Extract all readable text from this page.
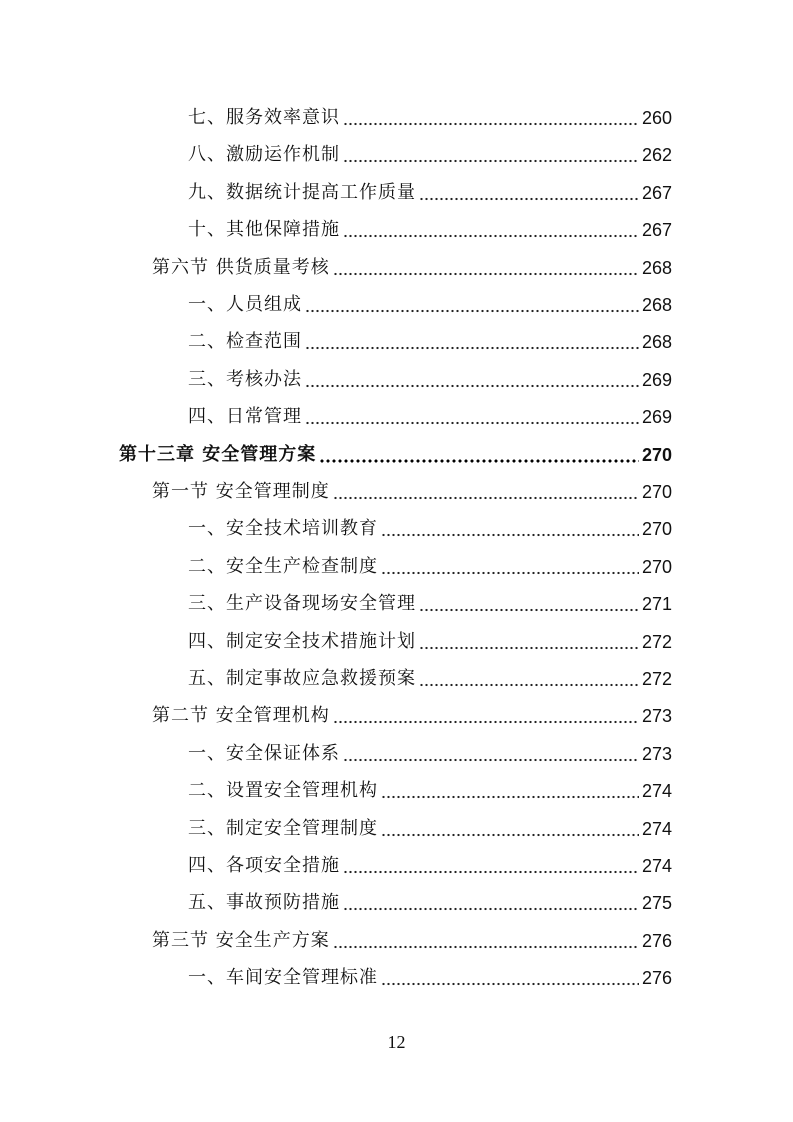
七、服务效率意识	260
八、激励运作机制	262
九、数据统计提高工作质量	267
十、其他保障措施	267
第六节 供货质量考核	268
一、人员组成	268
二、检查范围	268
三、考核办法	269
四、日常管理	269
第十三章 安全管理方案	270
第一节 安全管理制度	270
一、安全技术培训教育	270
二、安全生产检查制度	270
三、生产设备现场安全管理	271
四、制定安全技术措施计划	272
五、制定事故应急救援预案	272
第二节 安全管理机构	273
一、安全保证体系	273
二、设置安全管理机构	274
三、制定安全管理制度	274
四、各项安全措施	274
五、事故预防措施	275
第三节 安全生产方案	276
一、车间安全管理标准	276
12
